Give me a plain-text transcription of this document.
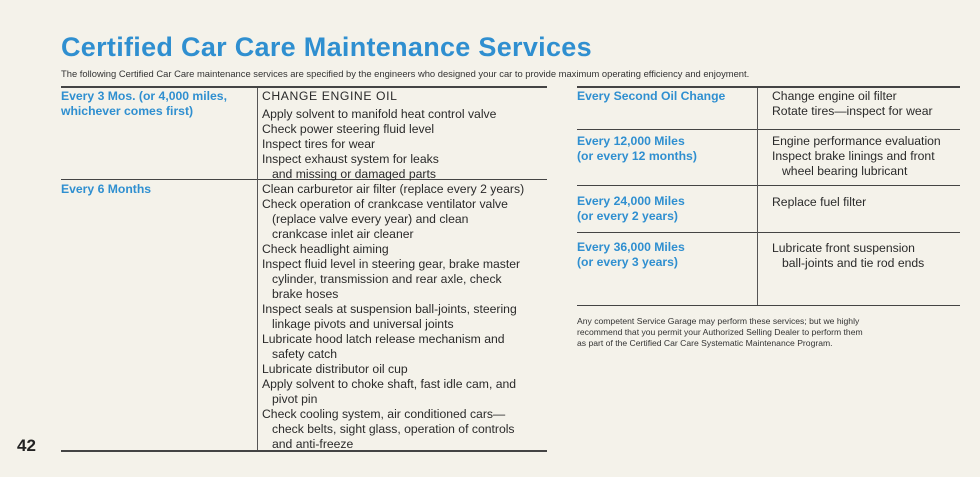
Certified Car Care Maintenance Services
The following Certified Car Care maintenance services are specified by the engineers who designed your car to provide maximum operating efficiency and enjoyment.
Every 3 Mos. (or 4,000 miles,
whichever comes first)
CHANGE ENGINE OIL
Apply solvent to manifold heat control valve
Check power steering fluid level
Inspect tires for wear
Inspect exhaust system for leaks
and missing or damaged parts
Every 6 Months	Clean carburetor air filter (replace every 2 years)
Check operation of crankcase ventilator valve
(replace valve every year) and clean
crankcase inlet air cleaner
Check headlight aiming
Inspect fluid level in steering gear, brake master
cylinder, transmission and rear axle, check
brake hoses
Inspect seals at suspension ball-joints, steering
linkage pivots and universal joints
Lubricate hood latch release mechanism and
safety catch
Lubricate distributor oil cup
Apply solvent to choke shaft, fast idle cam, and
pivot pin
Check cooling system, air conditioned cars—
check belts, sight glass, operation of controls
and anti-freeze
42
Every Second Oil Change	Change engine oil filter
Rotate tires—inspect for wear
Every 12,000 Miles
(or every 12 months)
Engine performance evaluation
Inspect brake linings and front
wheel bearing lubricant
Every 24,000 Miles
(or every 2 years)
Replace fuel filter
Every 36,000 Miles
(or every 3 years)
Lubricate front suspension
ball-joints and tie rod ends
Any competent Service Garage may perform these services; but we highly
recommend that you permit your Authorized Selling Dealer to perform them
as part of the Certified Car Care Systematic Maintenance Program.
